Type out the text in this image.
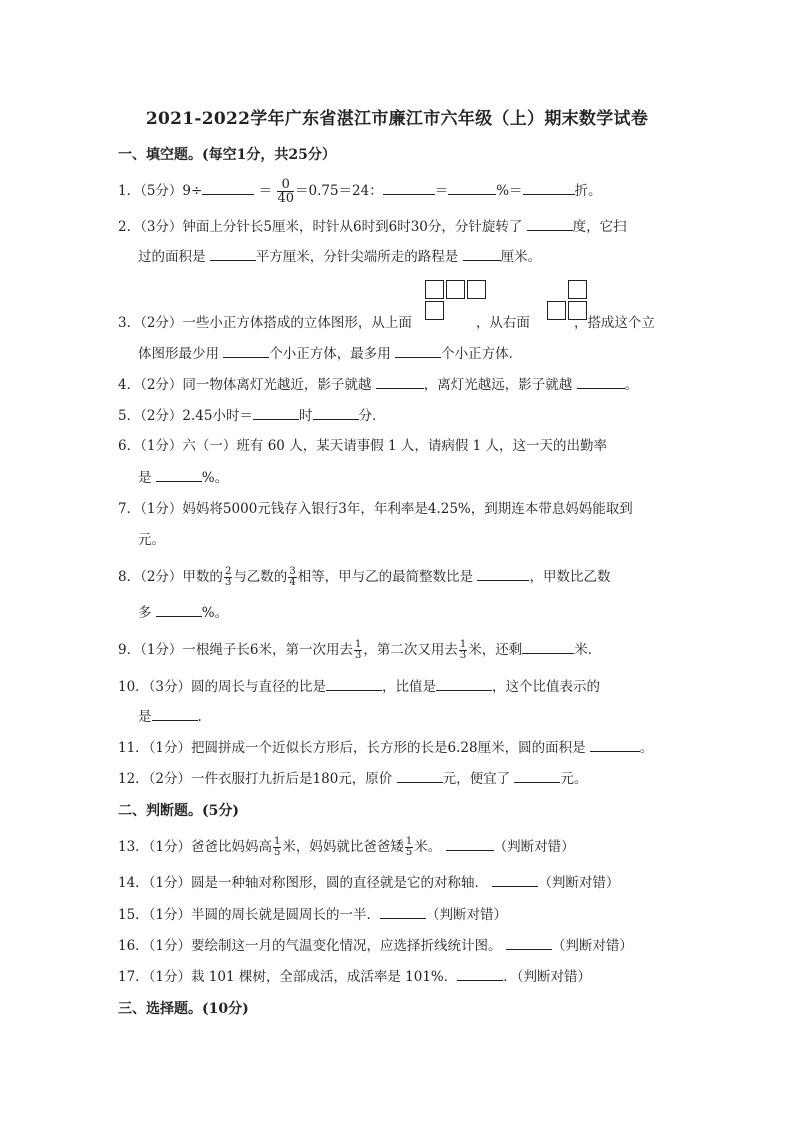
2021-2022学年广东省湛江市廉江市六年级（上）期末数学试卷
一、填空题。(每空1分，共25分）
1．（5分）9÷	＝ $\frac{0}{40} =0.75=24$：	＝	%＝	折。
2．（3分）钟面上分针长5厘米，时针从6时到6时30分，分针旋转了	度，它扫
过的面积是	平方厘米，分针尖端所走的路程是	厘米。
3．（2分）一些小正方体搭成的立体图形，从上面	，从右面	，搭成这个立
体图形最少用	个小正方体，最多用	个小正方体．
4．（2分）同一物体离灯光越近，影子就越	，离灯光越远，影子就越	。
5．（2分）2.45小时＝	时	分．
6．（1分）六（一）班有 60 人，某天请事假 1 人，请病假 1 人，这一天的出勤率
是	%。
7．（1分）妈妈将5000元钱存入银行3年，年利率是4.25%，到期连本带息妈妈能取到
元。
8．（2分）甲数的 $\frac{2}{3}$ 与乙数的 $\frac{3}{4}$ 相等，甲与乙的最简整数比是	，甲数比乙数
多	%。
9．（1分）一根绳子长6米，第一次用去 $\frac{1}{3}$ ，第二次又用去 $\frac{1}{3}$ 米，还剩	米．
10．（3分）圆的周长与直径的比是	，比值是	，这个比值表示的
是	.
11．（1分）把圆拼成一个近似长方形后，长方形的长是6.28厘米，圆的面积是	。
12．（2分）一件衣服打九折后是180元，原价	元，便宜了	元。
二、判断题。(5分)
13．（1分）爸爸比妈妈高 $\frac{1}{5}$ 米，妈妈就比爸爸矮 $\frac{1}{5}$ 米。	（判断对错）
14．（1分）圆是一种轴对称图形，圆的直径就是它的对称轴．	（判断对错）
15．（1分）半圆的周长就是圆周长的一半．	（判断对错）
16．（1分）要绘制这一月的气温变化情况，应选择折线统计图。	（判断对错）
17．（1分）栽 101 棵树，全部成活，成活率是 101%．	．（判断对错）
三、选择题。(10分)
